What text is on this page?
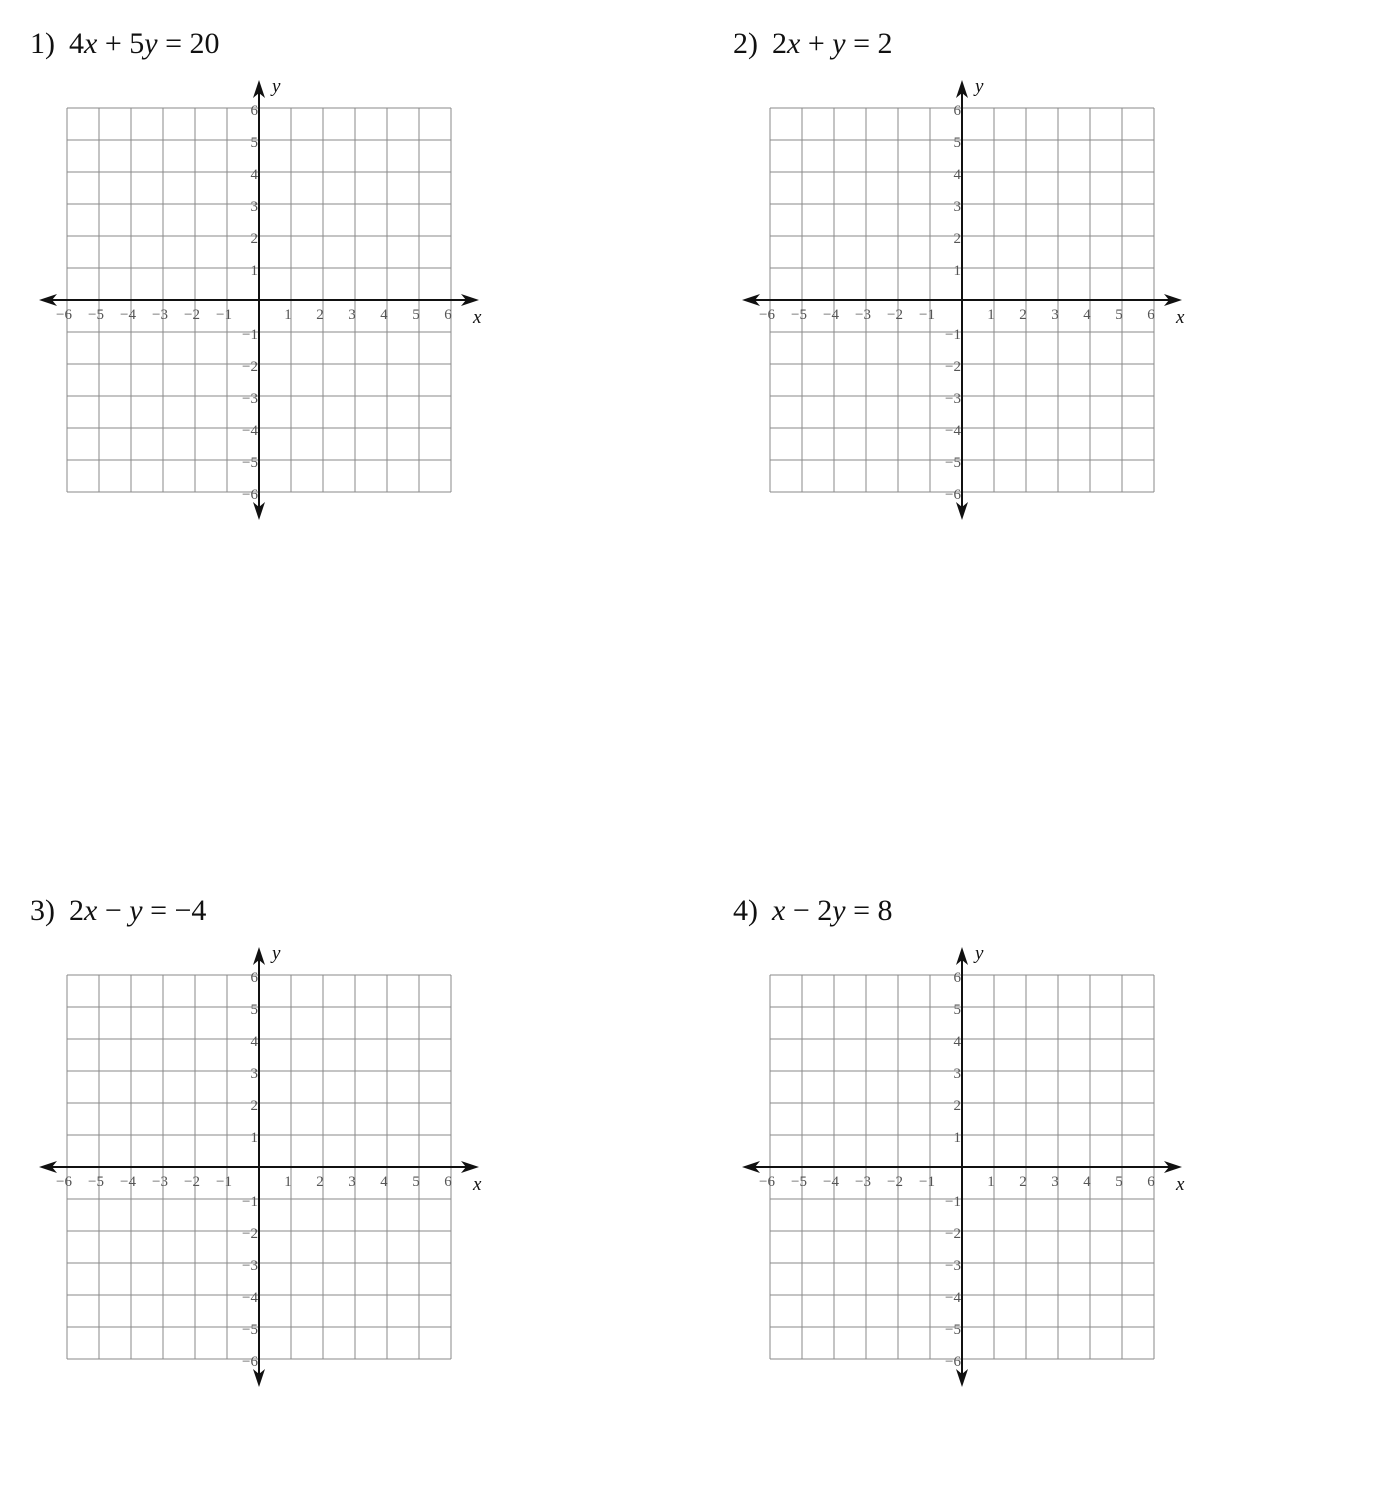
1) 4x + 5y = 20
−6 −5 −4 −3 −2 −1	1 2 3 4 5 6
6
5
4
3
2
1
−1
−2
−3
−4
−5
−6
x
y
2) 2x + y = 2
−6 −5 −4 −3 −2 −1	1 2 3 4 5 6
6
5
4
3
2
1
−1
−2
−3
−4
−5
−6
x
y
3) 2x − y = −4
−6 −5 −4 −3 −2 −1	1 2 3 4 5 6
6
5
4
3
2
1
−1
−2
−3
−4
−5
−6
x
y
4) x − 2y = 8
−6 −5 −4 −3 −2 −1	1 2 3 4 5 6
6
5
4
3
2
1
−1
−2
−3
−4
−5
−6
x
y
